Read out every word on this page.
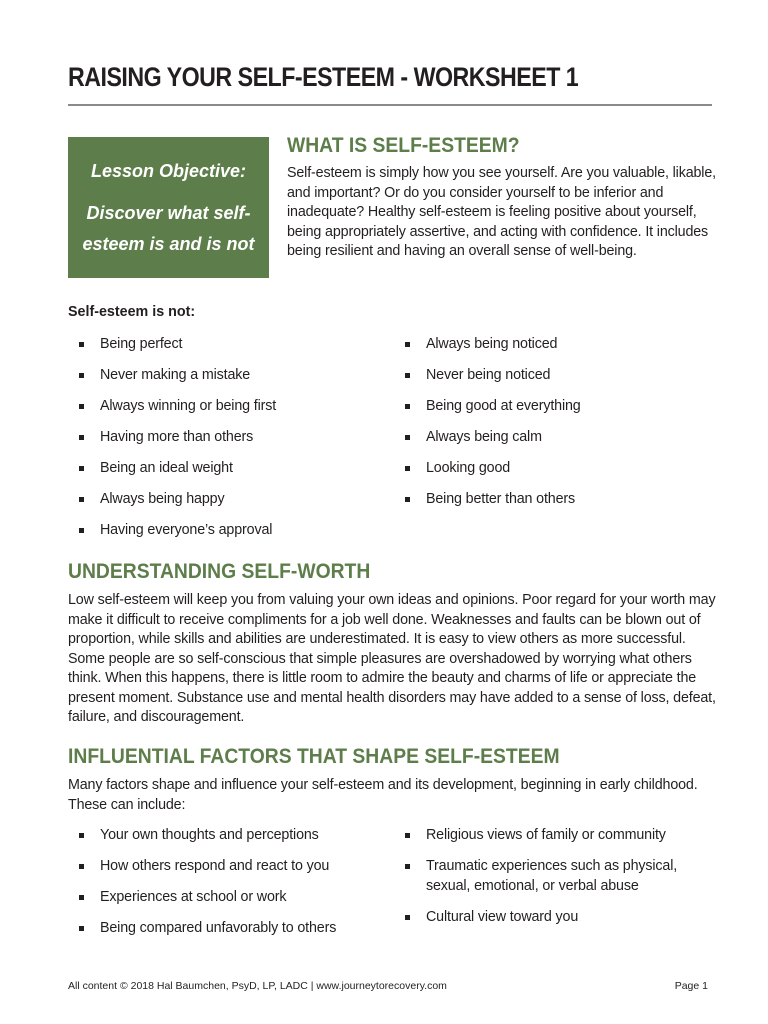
RAISING YOUR SELF-ESTEEM - WORKSHEET 1
Lesson Objective:
Discover what self-esteem is and is not
WHAT IS SELF-ESTEEM?

Self-esteem is simply how you see yourself. Are you valuable, likable, and important? Or do you consider yourself to be inferior and inadequate? Healthy self-esteem is feeling positive about yourself, being appropriately assertive, and acting with confidence. It includes being resilient and having an overall sense of well-being.

Self-esteem is not:
Being perfect
Never making a mistake
Always winning or being first
Having more than others
Being an ideal weight
Always being happy
Having everyone’s approval
Always being noticed
Never being noticed
Being good at everything
Always being calm
Looking good
Being better than others
UNDERSTANDING SELF-WORTH

Low self-esteem will keep you from valuing your own ideas and opinions. Poor regard for your worth may make it difficult to receive compliments for a job well done. Weaknesses and faults can be blown out of proportion, while skills and abilities are underestimated. It is easy to view others as more successful. Some people are so self-conscious that simple pleasures are overshadowed by worrying what others think. When this happens, there is little room to admire the beauty and charms of life or appreciate the present moment. Substance use and mental health disorders may have added to a sense of loss, defeat, failure, and discouragement.

INFLUENTIAL FACTORS THAT SHAPE SELF-ESTEEM

Many factors shape and influence your self-esteem and its development, beginning in early childhood. These can include:

Your own thoughts and perceptions
How others respond and react to you
Experiences at school or work
Being compared unfavorably to others
Religious views of family or community
Traumatic experiences such as physical, sexual, emotional, or verbal abuse
Cultural view toward you
All content © 2018 Hal Baumchen, PsyD, LP, LADC | www.journeytorecovery.com	Page 1
